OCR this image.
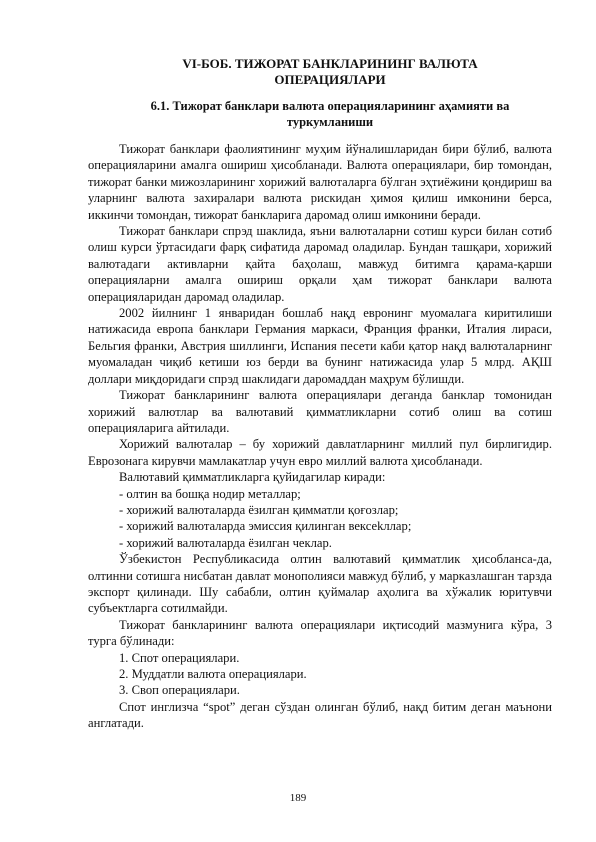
VI-БОБ. ТИЖОРАТ БАНКЛАРИНИНГ ВАЛЮТА
ОПЕРАЦИЯЛАРИ
6.1. Тижорат банклари валюта операцияларининг аҳамияти ва
туркумланиши

Тижорат банклари фаолиятининг муҳим йўналишларидан бири бўлиб, валюта операцияларини амалга ошириш ҳисобланади. Валюта операциялари, бир томондан, тижорат банки мижозларининг хорижий валюталарга бўлган эҳтиёжини қондириш ва уларнинг валюта захиралари валюта рискидан ҳимоя қилиш имконини берса, иккинчи томондан, тижорат банкларига даромад олиш имконини беради.

Тижорат банклари спрэд шаклида, яъни валюталарни сотиш курси билан сотиб олиш курси ўртасидаги фарқ сифатида даромад оладилар. Бундан ташқари, хорижий валютадаги активларни қайта баҳолаш, мавжуд битимга қарама-қарши операцияларни амалга ошириш орқали ҳам тижорат банклари валюта операцияларидан даромад оладилар.

2002 йилнинг 1 январидан бошлаб нақд евронинг муомалага киритилиши натижасида европа банклари Германия маркаси, Франция франки, Италия лираси, Бельгия франки, Австрия шиллинги, Испания песети каби қатор нақд валюталарнинг муомаладан чиқиб кетиши юз берди ва бунинг натижасида улар 5 млрд. АҚШ доллари миқдоридаги спрэд шаклидаги даромаддан маҳрум бўлишди.

Тижорат банкларининг валюта операциялари деганда банклар томонидан хорижий валютлар ва валютавий қимматликларни сотиб олиш ва сотиш операцияларига айтилади.

Хорижий валюталар – бу хорижий давлатларнинг миллий пул бирлигидир. Еврозонага кирувчи мамлакатлар учун евро миллий валюта ҳисобланади.

Валютавий қимматликларга қуйидагилар киради:

- олтин ва бошқа нодир металлар;

- хорижий валюталарда ёзилган қимматли қоғозлар;

- хорижий валюталарда эмиссия қилинган вексеkллар;

- хорижий валюталарда ёзилган чеклар.

Ўзбекистон Республикасида олтин валютавий қимматлик ҳисобланса-да, олтинни сотишга нисбатан давлат монополияси мавжуд бўлиб, у марказлашган тарзда экспорт қилинади. Шу сабабли, олтин қуймалар аҳолига ва хўжалик юритувчи субъектларга сотилмайди.

Тижорат банкларининг валюта операциялари иқтисодий мазмунига кўра, 3 турга бўлинади:

1. Спот операциялари.

2. Муддатли валюта операциялари.

3. Своп операциялари.

Спот инглизча “spot” деган сўздан олинган бўлиб, нақд битим деган маънони англатади.

189
